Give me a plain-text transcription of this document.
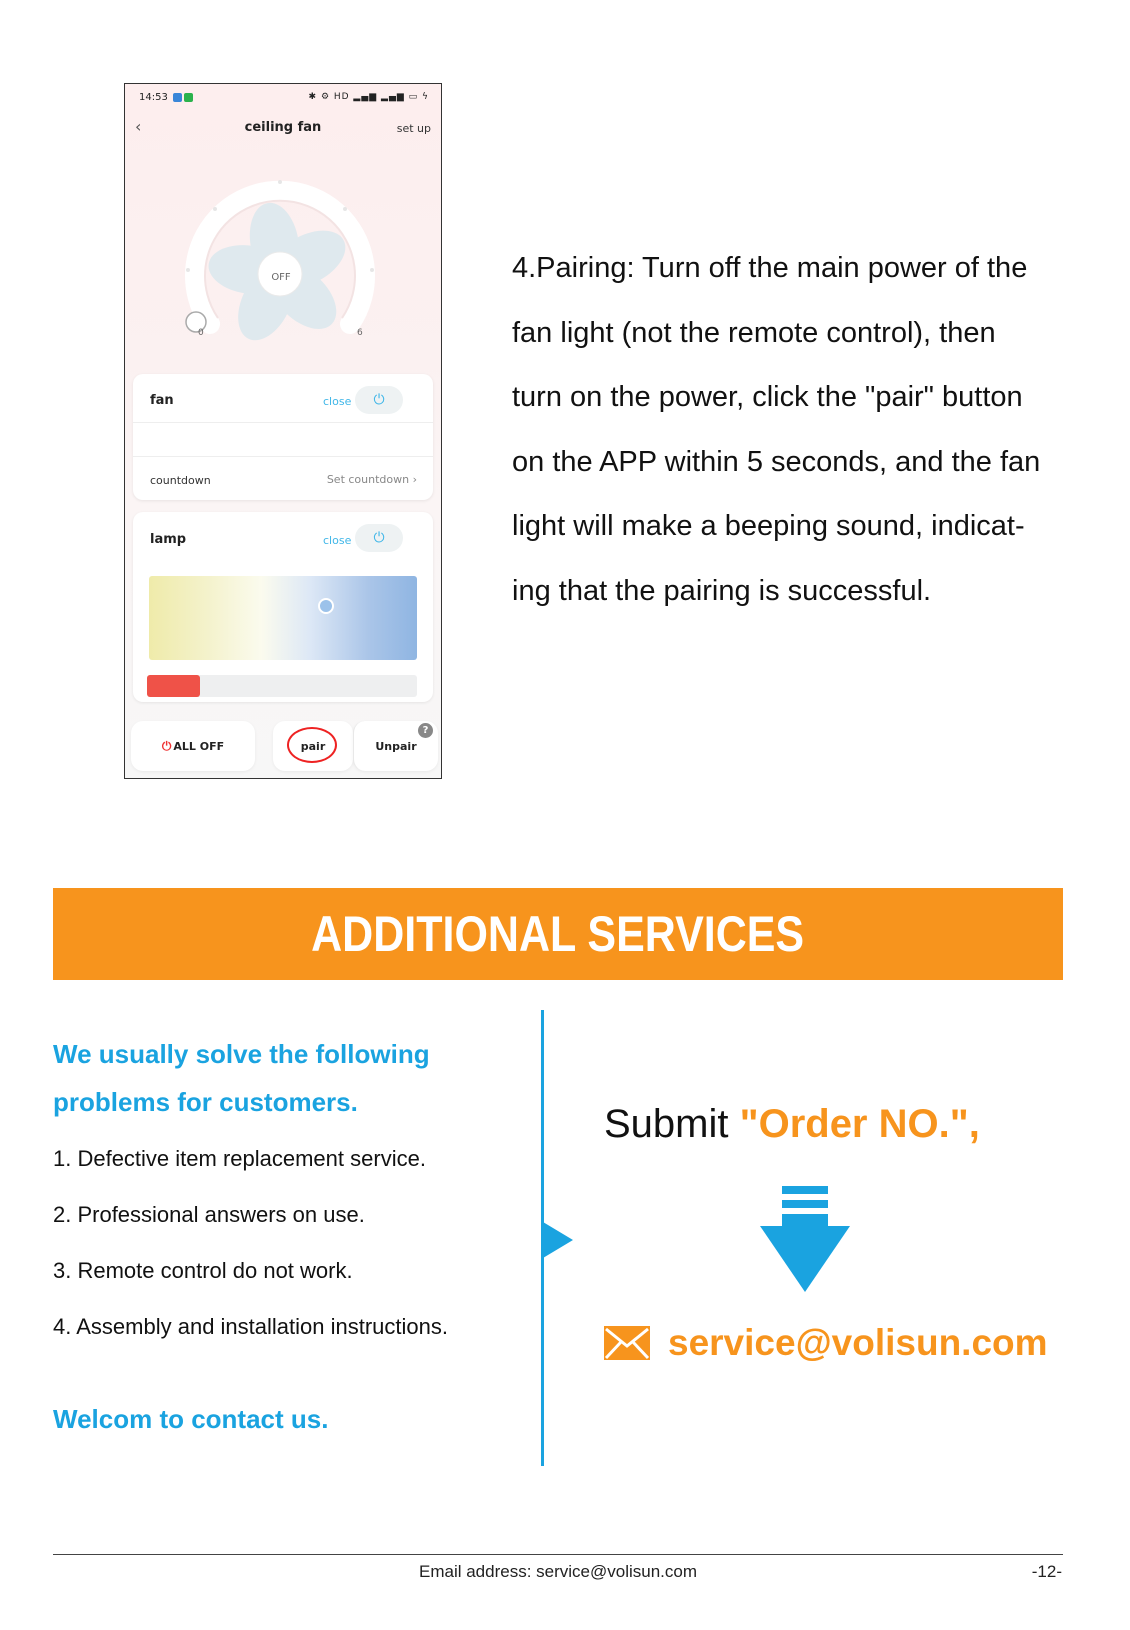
14:53	✱ ⚙ HD ▂▄▆ ▂▄▆ ▭ ϟ
‹	ceiling fan	set up
OFF
0	6
fan	close ⏻
countdown	Set countdown ›
lamp	close ⏻
⏻ ALL OFF	pair	Unpair
?
4.Pairing: Turn off the main power of the
fan light (not the remote control), then
turn on the power, click the "pair" button
on the APP within 5 seconds, and the fan
light will make a beeping sound, indicat-
ing that the pairing is successful.
ADDITIONAL SERVICES
We usually solve the following
problems for customers.
1. Defective item replacement service.
2. Professional answers on use.
3. Remote control do not work.
4. Assembly and installation instructions.
Welcom to contact us.
Submit "Order NO.",
service@volisun.com
Email address: service@volisun.com	-12-
